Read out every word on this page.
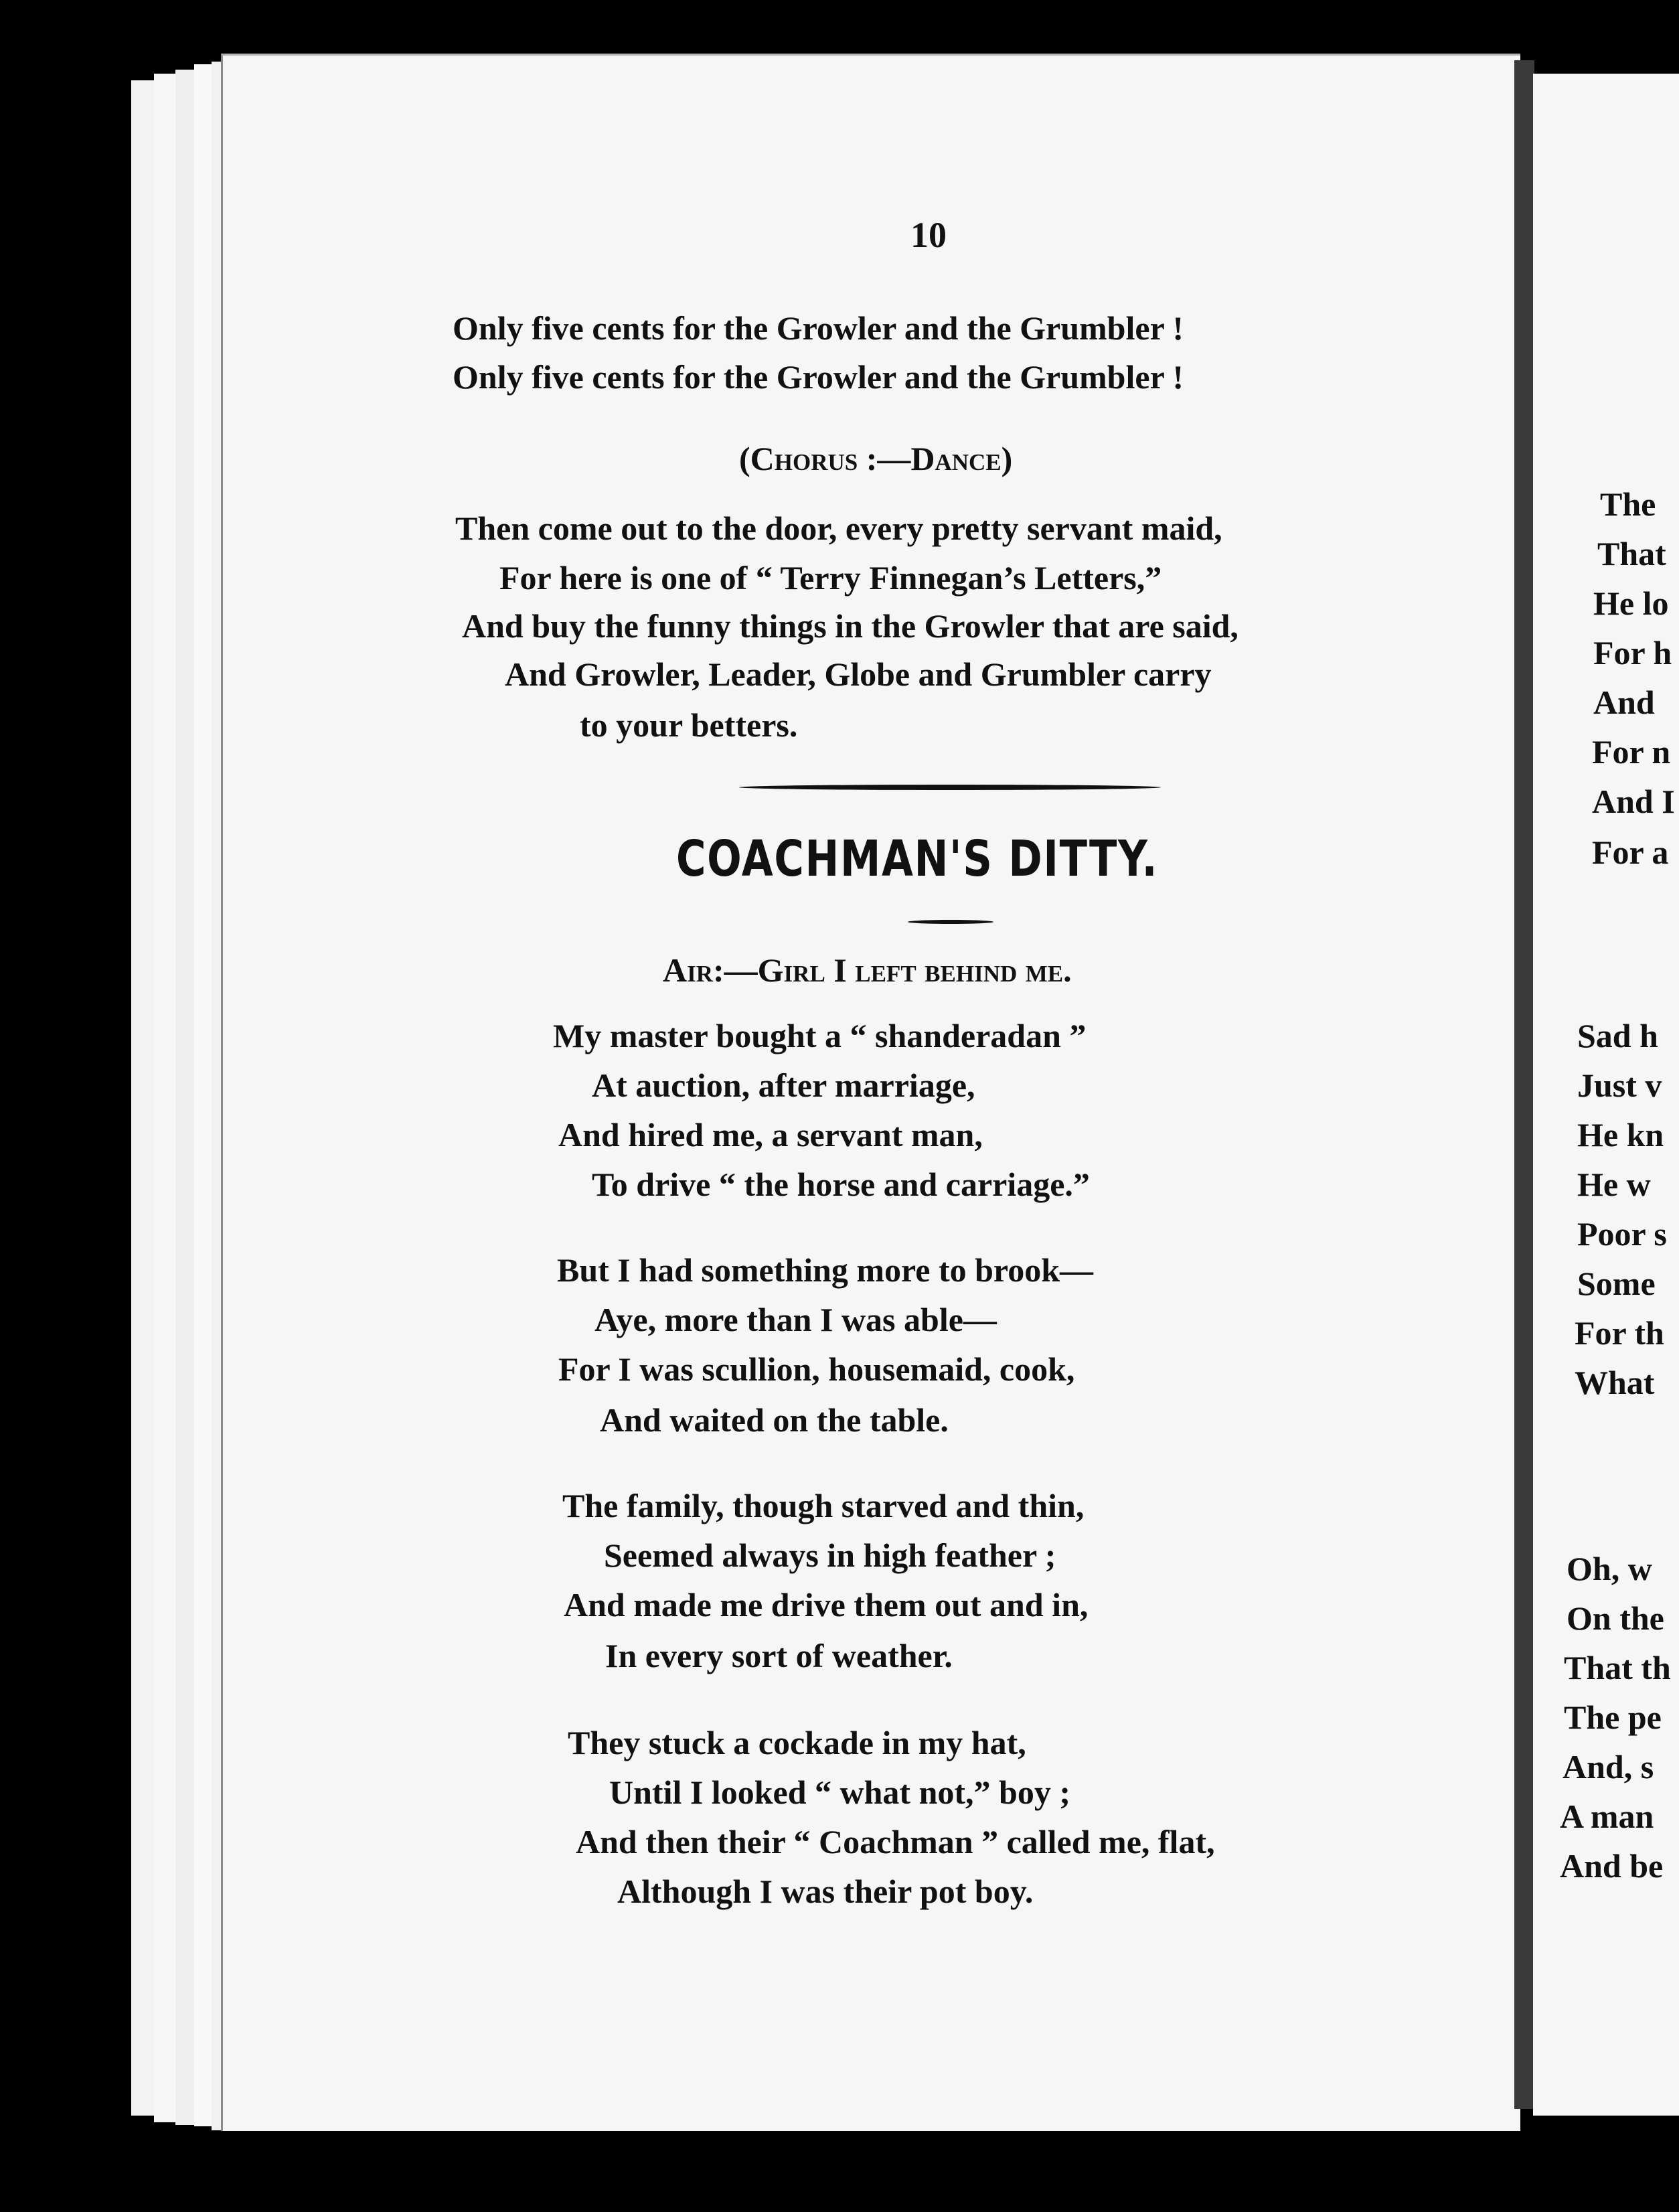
10
Only five cents for the Growler and the Grumbler !
Only five cents for the Growler and the Grumbler !
(Chorus :—Dance)
Then come out to the door, every pretty servant maid,
For here is one of “ Terry Finnegan’s Letters,”
And buy the funny things in the Growler that are said,
And Growler, Leader, Globe and Grumbler carry
to your betters.
COACHMAN'S DITTY.
Air:—Girl I left behind me.
My master bought a “ shanderadan ”
At auction, after marriage,
And hired me, a servant man,
To drive “ the horse and carriage.”
But I had something more to brook—
Aye, more than I was able—
For I was scullion, housemaid, cook,
And waited on the table.
The family, though starved and thin,
Seemed always in high feather ;
And made me drive them out and in,
In every sort of weather.
They stuck a cockade in my hat,
Until I looked “ what not,” boy ;
And then their “ Coachman ” called me, flat,
Although I was their pot boy.
The
That
He lo
For h
And
For n
And I
For a
Sad h
Just v
He kn
He w
Poor s
Some
For th
What
Oh, w
On the
That th
The pe
And, s
A man
And be
